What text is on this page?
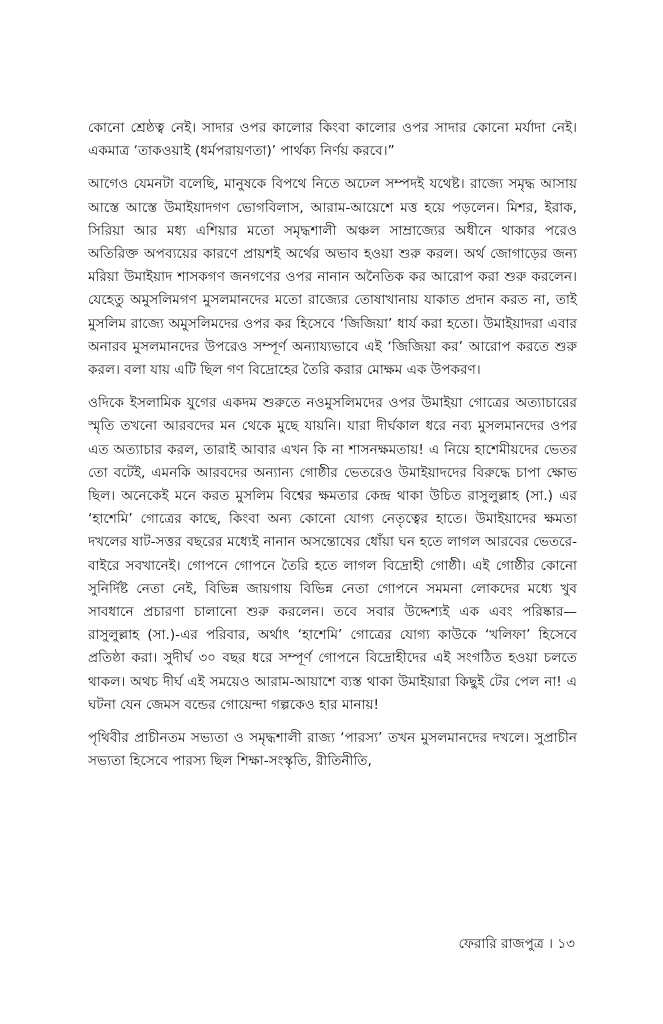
কোনো শ্রেষ্ঠত্ব নেই। সাদার ওপর কালোর কিংবা কালোর ওপর সাদার কোনো মর্যাদা নেই। একমাত্র ‘তাকওয়াই (ধর্মপরায়ণতা)’ পার্থক্য নির্ণয় করবে।”

আগেও যেমনটা বলেছি, মানুষকে বিপথে নিতে অঢেল সম্পদই যথেষ্ট। রাজ্যে সমৃদ্ধ আসায় আস্তে আস্তে উমাইয়াদগণ ভোগবিলাস, আরাম-আয়েশে মত্ত হয়ে পড়লেন। মিশর, ইরাক, সিরিয়া আর মধ্য এশিয়ার মতো সমৃদ্ধশালী অঞ্চল সাম্রাজ্যের অধীনে থাকার পরেও অতিরিক্ত অপব্যয়ের কারণে প্রায়শই অর্থের অভাব হওয়া শুরু করল। অর্থ জোগাড়ের জন্য মরিয়া উমাইয়াদ শাসকগণ জনগণের ওপর নানান অনৈতিক কর আরোপ করা শুরু করলেন। যেহেতু অমুসলিমগণ মুসলমানদের মতো রাজ্যের তোষাখানায় যাকাত প্রদান করত না, তাই মুসলিম রাজ্যে অমুসলিমদের ওপর কর হিসেবে ‘জিজিয়া’ ধার্য করা হতো। উমাইয়াদরা এবার অনারব মুসলমানদের উপরেও সম্পূর্ণ অন্যায্যভাবে এই ‘জিজিয়া কর’ আরোপ করতে শুরু করল। বলা যায় এটি ছিল গণ বিদ্রোহের তৈরি করার মোক্ষম এক উপকরণ।

ওদিকে ইসলামিক যুগের একদম শুরুতে নওমুসলিমদের ওপর উমাইয়া গোত্রের অত্যাচারের স্মৃতি তখনো আরবদের মন থেকে মুছে যায়নি। যারা দীর্ঘকাল ধরে নব্য মুসলমানদের ওপর এত অত্যাচার করল, তারাই আবার এখন কি না শাসনক্ষমতায়! এ নিয়ে হাশেমীয়দের ভেতর তো বটেই, এমনকি আরবদের অন্যান্য গোষ্ঠীর ভেতরেও উমাইয়াদদের বিরুদ্ধে চাপা ক্ষোভ ছিল। অনেকেই মনে করত মুসলিম বিশ্বের ক্ষমতার কেন্দ্র থাকা উচিত রাসুলুল্লাহ (সা.) এর ‘হাশেমি’ গোত্রের কাছে, কিংবা অন্য কোনো যোগ্য নেতৃত্বের হাতে। উমাইয়াদের ক্ষমতা দখলের ষাট-সত্তর বছরের মধ্যেই নানান অসন্তোষের ধোঁয়া ঘন হতে লাগল আরবের ভেতরে-বাইরে সবখানেই। গোপনে গোপনে তৈরি হতে লাগল বিদ্রোহী গোষ্ঠী। এই গোষ্ঠীর কোনো সুনির্দিষ্ট নেতা নেই, বিভিন্ন জায়গায় বিভিন্ন নেতা গোপনে সমমনা লোকদের মধ্যে খুব সাবধানে প্রচারণা চালানো শুরু করলেন। তবে সবার উদ্দেশ্যই এক এবং পরিষ্কার— রাসুলুল্লাহ (সা.)-এর পরিবার, অর্থাৎ ‘হাশেমি’ গোত্রের যোগ্য কাউকে ‘খলিফা’ হিসেবে প্রতিষ্ঠা করা। সুদীর্ঘ ৩০ বছর ধরে সম্পূর্ণ গোপনে বিদ্রোহীদের এই সংগঠিত হওয়া চলতে থাকল। অথচ দীর্ঘ এই সময়েও আরাম-আয়াশে ব্যস্ত থাকা উমাইয়ারা কিছুই টের পেল না! এ ঘটনা যেন জেমস বন্ডের গোয়েন্দা গল্পকেও হার মানায়!

পৃথিবীর প্রাচীনতম সভ্যতা ও সমৃদ্ধশালী রাজ্য ‘পারস্য’ তখন মুসলমানদের দখলে। সুপ্রাচীন সভ্যতা হিসেবে পারস্য ছিল শিক্ষা-সংস্কৃতি, রীতিনীতি,

ফেরারি রাজপুত্র । ১৩
